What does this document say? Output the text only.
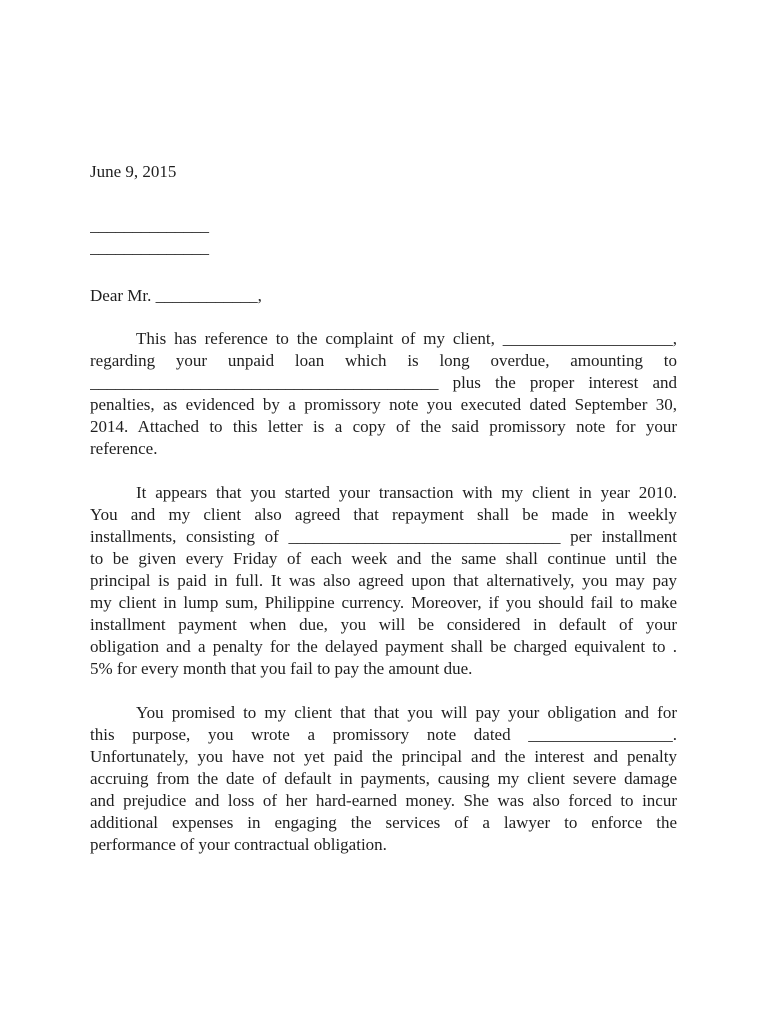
June 9, 2015
______________
______________
Dear Mr. ____________,
This has reference to the complaint of my client, ____________________,
regarding your unpaid loan which is long overdue, amounting to
_________________________________________ plus the proper interest and
penalties, as evidenced by a promissory note you executed dated September 30,
2014. Attached to this letter is a copy of the said promissory note for your
reference.
It appears that you started your transaction with my client in year 2010.
You and my client also agreed that repayment shall be made in weekly
installments, consisting of ________________________________ per installment
to be given every Friday of each week and the same shall continue until the
principal is paid in full. It was also agreed upon that alternatively, you may pay
my client in lump sum, Philippine currency. Moreover, if you should fail to make
installment payment when due, you will be considered in default of your
obligation and a penalty for the delayed payment shall be charged equivalent to .
5% for every month that you fail to pay the amount due.
You promised to my client that that you will pay your obligation and for
this purpose, you wrote a promissory note dated _________________.
Unfortunately, you have not yet paid the principal and the interest and penalty
accruing from the date of default in payments, causing my client severe damage
and prejudice and loss of her hard-earned money. She was also forced to incur
additional expenses in engaging the services of a lawyer to enforce the
performance of your contractual obligation.
